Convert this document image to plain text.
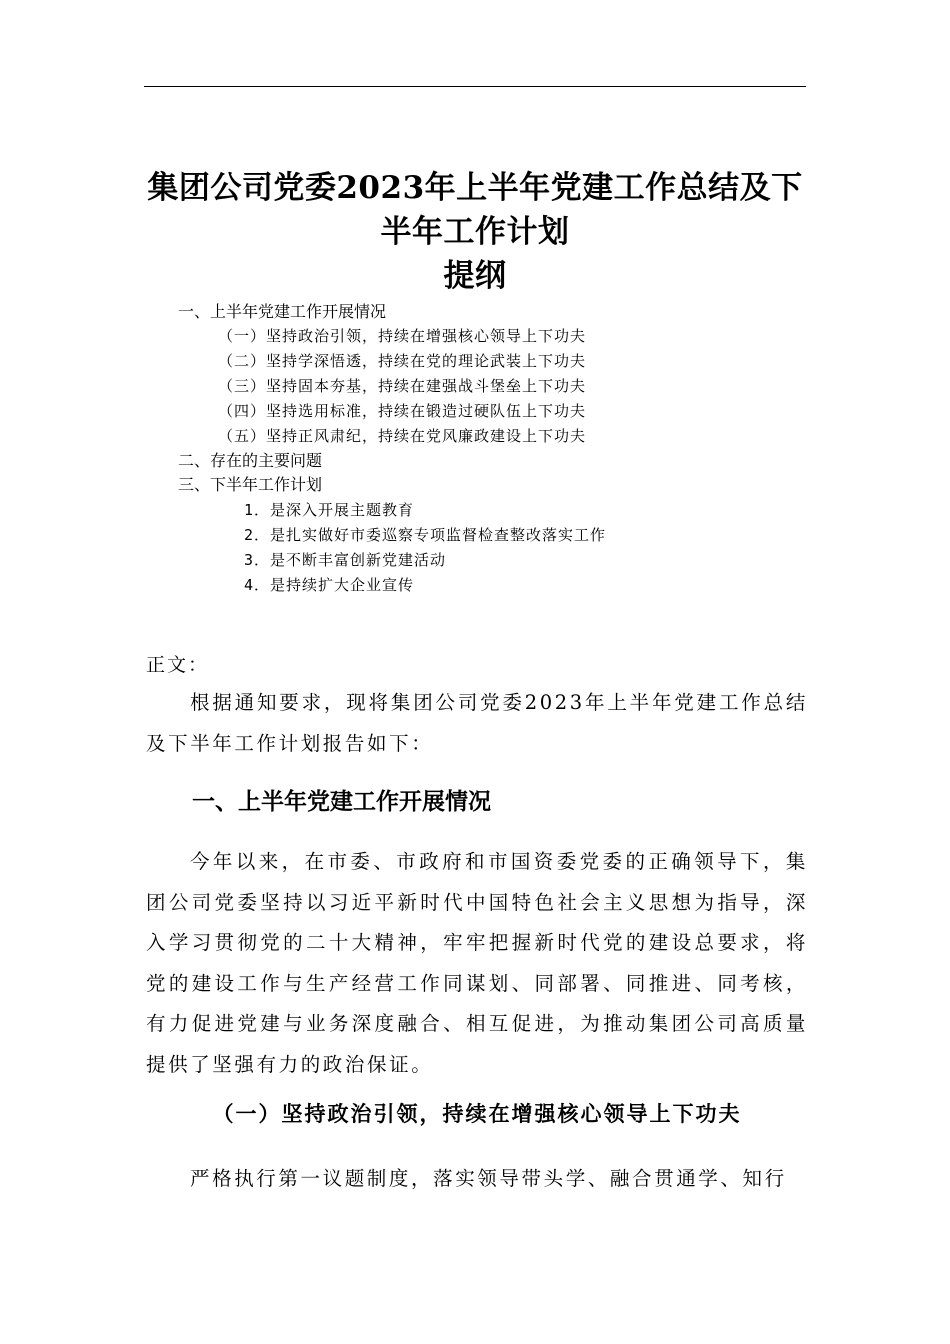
集团公司党委2023年上半年党建工作总结及下
半年工作计划
提纲
一、上半年党建工作开展情况
（一）坚持政治引领，持续在增强核心领导上下功夫
（二）坚持学深悟透，持续在党的理论武装上下功夫
（三）坚持固本夯基，持续在建强战斗堡垒上下功夫
（四）坚持选用标准，持续在锻造过硬队伍上下功夫
（五）坚持正风肃纪，持续在党风廉政建设上下功夫
二、存在的主要问题
三、下半年工作计划
1．是深入开展主题教育
2．是扎实做好市委巡察专项监督检查整改落实工作
3．是不断丰富创新党建活动
4．是持续扩大企业宣传
正文：
根据通知要求，现将集团公司党委2023年上半年党建工作总结及下半年工作计划报告如下：
一、上半年党建工作开展情况
今年以来，在市委、市政府和市国资委党委的正确领导下，集团公司党委坚持以习近平新时代中国特色社会主义思想为指导，深入学习贯彻党的二十大精神，牢牢把握新时代党的建设总要求，将党的建设工作与生产经营工作同谋划、同部署、同推进、同考核，有力促进党建与业务深度融合、相互促进，为推动集团公司高质量提供了坚强有力的政治保证。
（一）坚持政治引领，持续在增强核心领导上下功夫
严格执行第一议题制度，落实领导带头学、融合贯通学、知行
